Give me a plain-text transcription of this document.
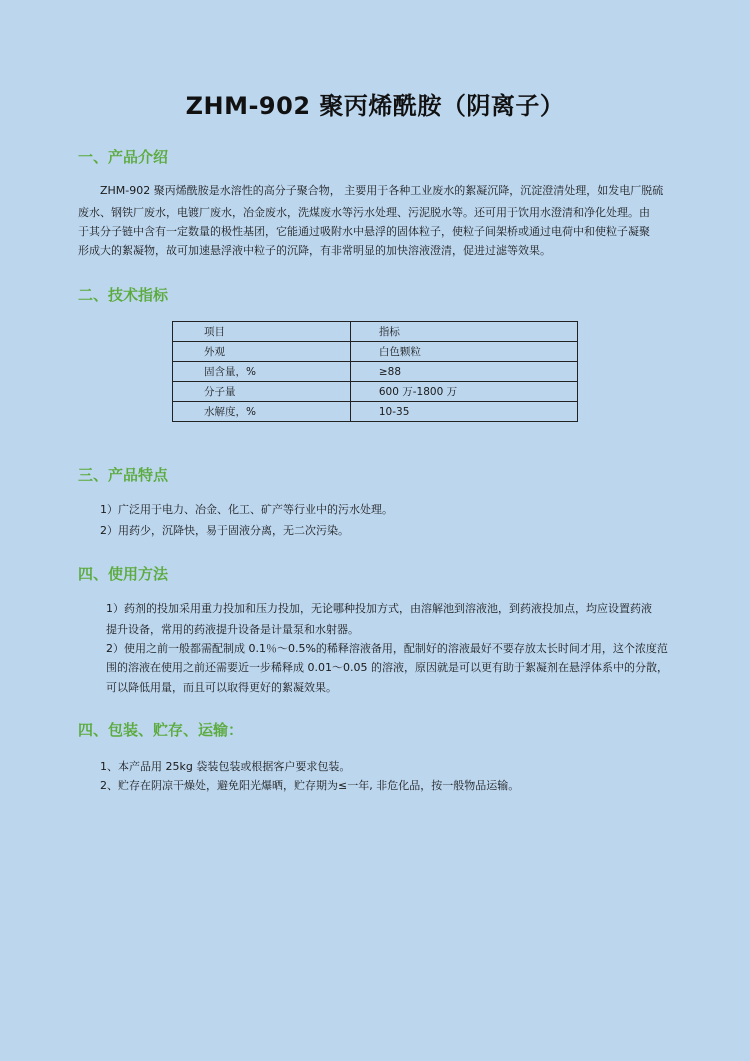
ZHM-902 聚丙烯酰胺（阴离子）
一、产品介绍
ZHM-902 聚丙烯酰胺是水溶性的高分子聚合物， 主要用于各种工业废水的絮凝沉降，沉淀澄清处理，如发电厂脱硫
废水、钢铁厂废水，电镀厂废水，冶金废水，洗煤废水等污水处理、污泥脱水等。还可用于饮用水澄清和净化处理。由
于其分子链中含有一定数量的极性基团，它能通过吸附水中悬浮的固体粒子，使粒子间架桥或通过电荷中和使粒子凝聚
形成大的絮凝物，故可加速悬浮液中粒子的沉降，有非常明显的加快溶液澄清，促进过滤等效果。
二、技术指标
项目	指标
外观	白色颗粒
固含量，%	≥88
分子量	600 万-1800 万
水解度，%	10-35
三、产品特点
1）广泛用于电力、冶金、化工、矿产等行业中的污水处理。
2）用药少，沉降快，易于固液分离，无二次污染。
四、使用方法
1）药剂的投加采用重力投加和压力投加，无论哪种投加方式，由溶解池到溶液池，到药液投加点，均应设置药液
提升设备，常用的药液提升设备是计量泵和水射器。
2）使用之前一般都需配制成 0.1％～0.5%的稀释溶液备用，配制好的溶液最好不要存放太长时间才用，这个浓度范
围的溶液在使用之前还需要近一步稀释成 0.01～0.05 的溶液，原因就是可以更有助于絮凝剂在悬浮体系中的分散，
可以降低用量，而且可以取得更好的絮凝效果。
四、包装、贮存、运输：
1、本产品用 25kg 袋装包装或根据客户要求包装。
2、贮存在阴凉干燥处，避免阳光爆晒，贮存期为≤一年, 非危化品，按一般物品运输。
